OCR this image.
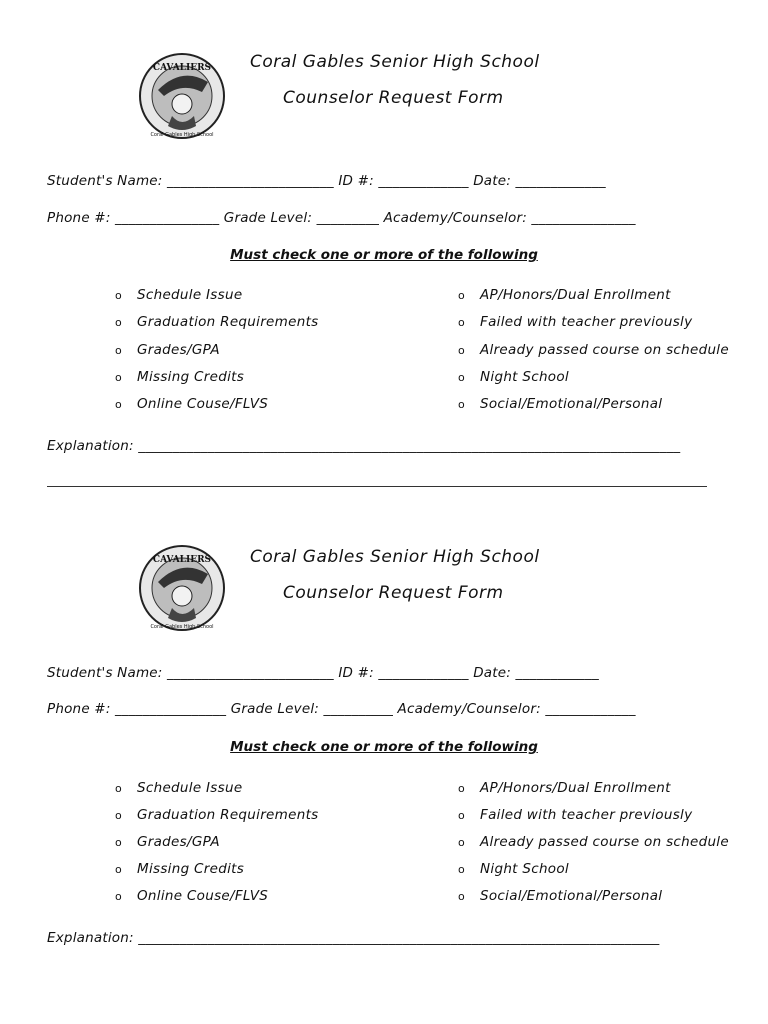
CAVALIERS
Coral Gables High School
Coral Gables Senior High School
Counselor Request Form
Student's Name: ________________________ ID #: _____________ Date: _____________
Phone #: _______________ Grade Level: _________ Academy/Counselor: _______________
Must check one or more of the following
o Schedule Issue
o Graduation Requirements
o Grades/GPA
o Missing Credits
o Online Couse/FLVS
o AP/Honors/Dual Enrollment
o Failed with teacher previously
o Already passed course on schedule
o Night School
o Social/Emotional/Personal
Explanation: ______________________________________________________________________________
CAVALIERS
Coral Gables High School
Coral Gables Senior High School
Counselor Request Form
Student's Name: ________________________ ID #: _____________ Date: ____________
Phone #: ________________ Grade Level: __________ Academy/Counselor: _____________
Must check one or more of the following
o Schedule Issue
o Graduation Requirements
o Grades/GPA
o Missing Credits
o Online Couse/FLVS
o AP/Honors/Dual Enrollment
o Failed with teacher previously
o Already passed course on schedule
o Night School
o Social/Emotional/Personal
Explanation: ___________________________________________________________________________
